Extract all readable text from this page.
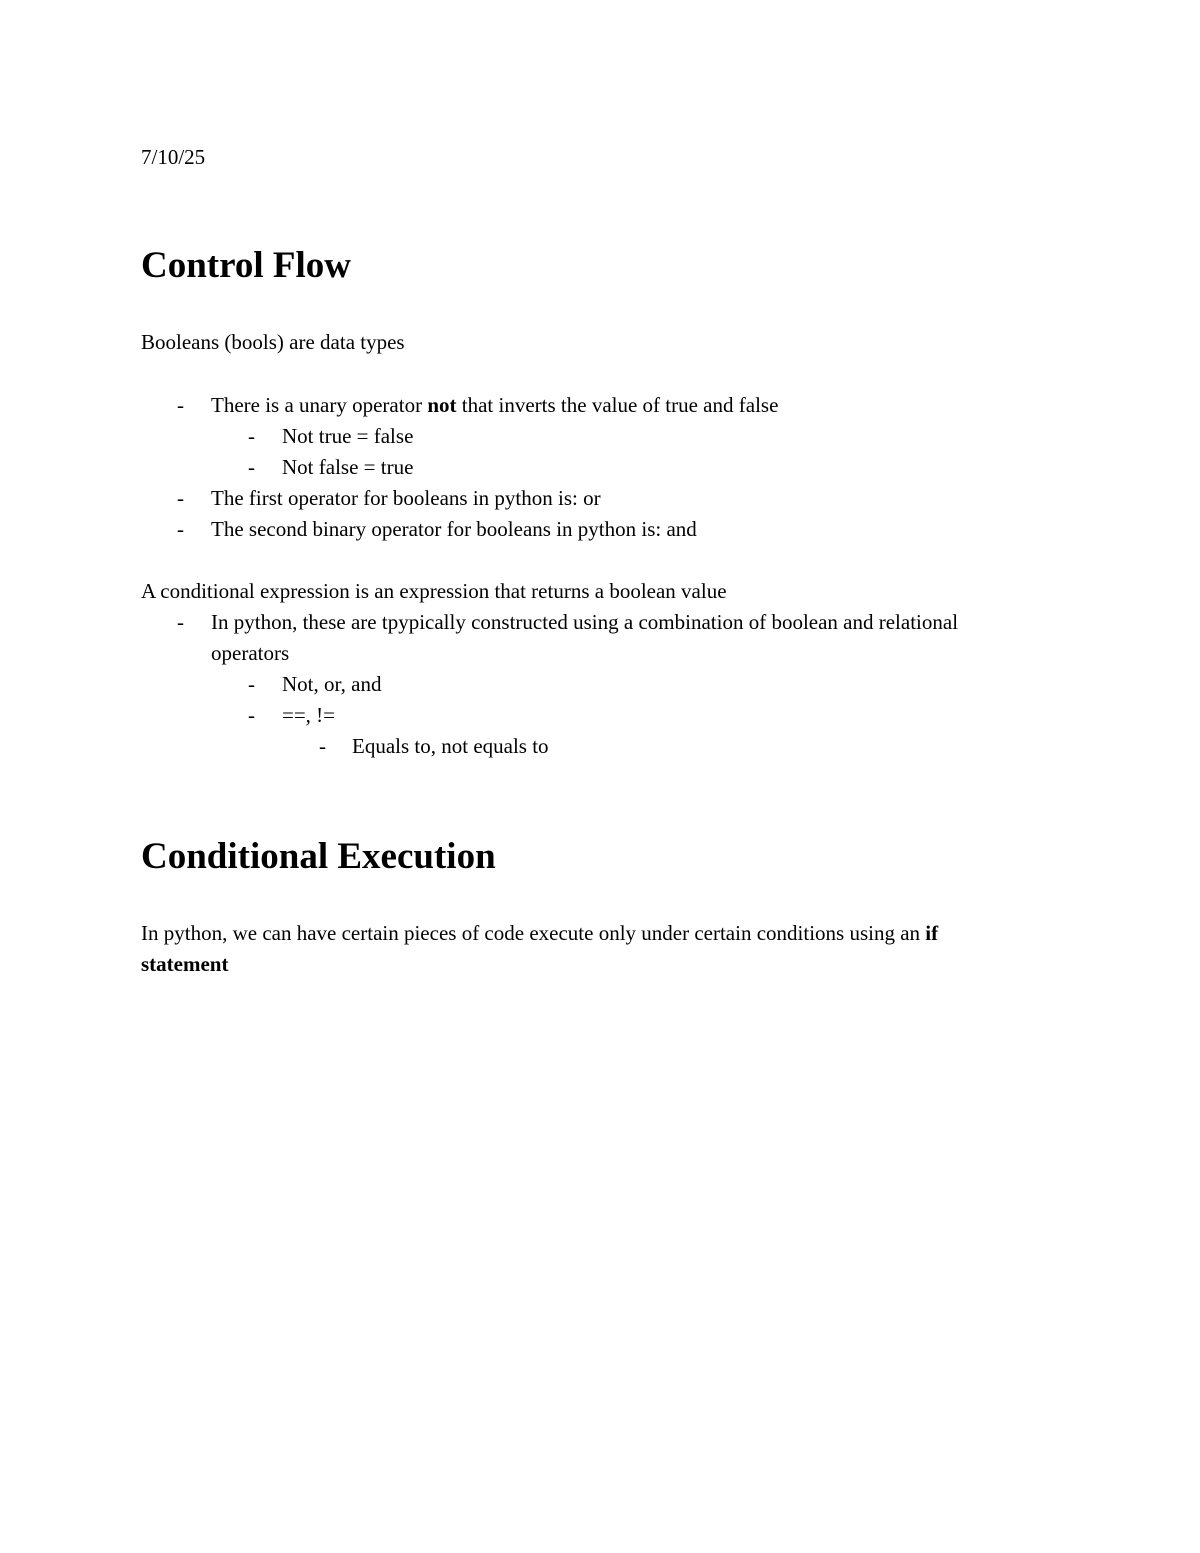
7/10/25
Control Flow
Booleans (bools) are data types
- There is a unary operator not that inverts the value of true and false
- Not true = false
- Not false = true
- The first operator for booleans in python is: or
- The second binary operator for booleans in python is: and
A conditional expression is an expression that returns a boolean value
- In python, these are tpypically constructed using a combination of boolean and relational
operators
- Not, or, and
- ==, !=
- Equals to, not equals to
Conditional Execution
In python, we can have certain pieces of code execute only under certain conditions using an if
statement
